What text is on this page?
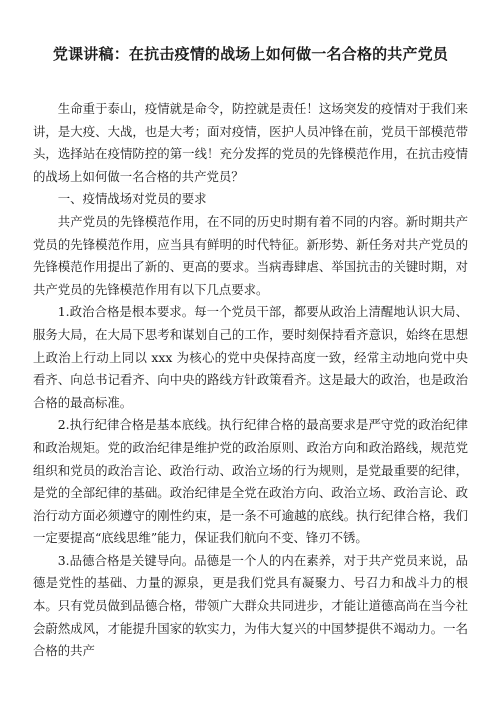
党课讲稿：在抗击疫情的战场上如何做一名合格的共产党员

生命重于泰山，疫情就是命令，防控就是责任！这场突发的疫情对于我们来讲，是大疫、大战，也是大考；面对疫情，医护人员冲锋在前，党员干部模范带头，选择站在疫情防控的第一线！充分发挥的党员的先锋模范作用，在抗击疫情的战场上如何做一名合格的共产党员？

一、疫情战场对党员的要求

共产党员的先锋模范作用，在不同的历史时期有着不同的内容。新时期共产党员的先锋模范作用，应当具有鲜明的时代特征。新形势、新任务对共产党员的先锋模范作用提出了新的、更高的要求。当病毒肆虐、举国抗击的关键时期，对共产党员的先锋模范作用有以下几点要求。

1.政治合格是根本要求。每一个党员干部，都要从政治上清醒地认识大局、服务大局，在大局下思考和谋划自己的工作，要时刻保持看齐意识，始终在思想上政治上行动上同以 xxx 为核心的党中央保持高度一致，经常主动地向党中央看齐、向总书记看齐、向中央的路线方针政策看齐。这是最大的政治，也是政治合格的最高标准。

2.执行纪律合格是基本底线。执行纪律合格的最高要求是严守党的政治纪律和政治规矩。党的政治纪律是维护党的政治原则、政治方向和政治路线，规范党组织和党员的政治言论、政治行动、政治立场的行为规则，是党最重要的纪律，是党的全部纪律的基础。政治纪律是全党在政治方向、政治立场、政治言论、政治行动方面必须遵守的刚性约束，是一条不可逾越的底线。执行纪律合格，我们一定要提高“底线思维”能力，保证我们航向不变、锋刃不锈。

3.品德合格是关键导向。品德是一个人的内在素养，对于共产党员来说，品德是党性的基础、力量的源泉，更是我们党具有凝聚力、号召力和战斗力的根本。只有党员做到品德合格，带领广大群众共同进步，才能让道德高尚在当今社会蔚然成风，才能提升国家的软实力，为伟大复兴的中国梦提供不竭动力。一名合格的共产
